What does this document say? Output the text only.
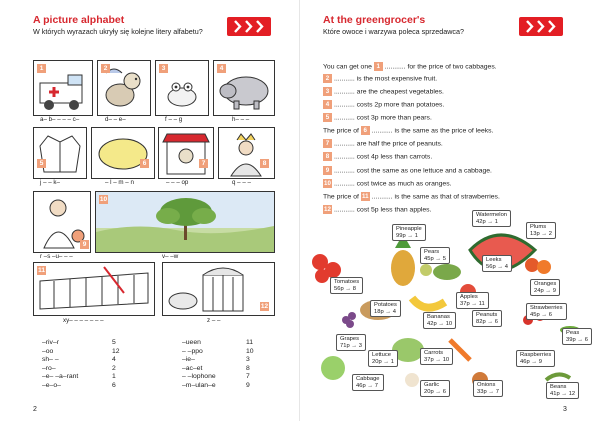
A picture alphabet
W których wyrazach ukryły się kolejne litery alfabetu?
1	2	3	4
a– b– – – – c–	d– – e–	f – – g	h– – –
5	6	7	8
j – – k–	– l – m – n	– – – op	q – – –
9
10
r –s –u– – –	v– –w
11
12
xy– – – – – – –	z – –
–riv–r	5
–oo	12
sh– –	4
–ro–	2
–e– –a–rant	1
–e–o–	6
–ueen	11
– –ppo	10
–ie–	3
–ac–et	8
– –lophone	7
–m–ulan–e	9
2
At the greengrocer's
Które owoce i warzywa poleca sprzedawca?
You can get one 1 ........... for the price of two cabbages.
2 ........... is the most expensive fruit.
3 ........... are the cheapest vegetables.
4 ........... costs 2p more than potatoes.
5 ........... cost 3p more than pears.
The price of 6 ........... is the same as the price of leeks.
7 ........... are half the price of peanuts.
8 ........... cost 4p less than carrots.
9 ........... cost the same as one lettuce and a cabbage.
10 ........... cost twice as much as oranges.
The price of 11 ........... is the same as that of strawberries.
12 ........... cost 5p less than apples.
Watermelon
42p → 1
Pineapple
99p → 1
Plums
13p → 2
Pears
45p → 5	Leeks
56p → 4
Tomatoes
56p → 8
Oranges
24p → 9
Apples
37p → 11
Potatoes
18p → 4
Bananas
42p → 10
Peanuts
82p → 6
Strawberries
45p → 6
Peas
39p → 6
Grapes
71p → 3
Lettuce
20p → 1
Carrots
37p → 10
Raspberries
46p → 9
Cabbage
46p → 7	Garlic
20p → 6
Onions
33p → 7
Beans
41p → 12
3
